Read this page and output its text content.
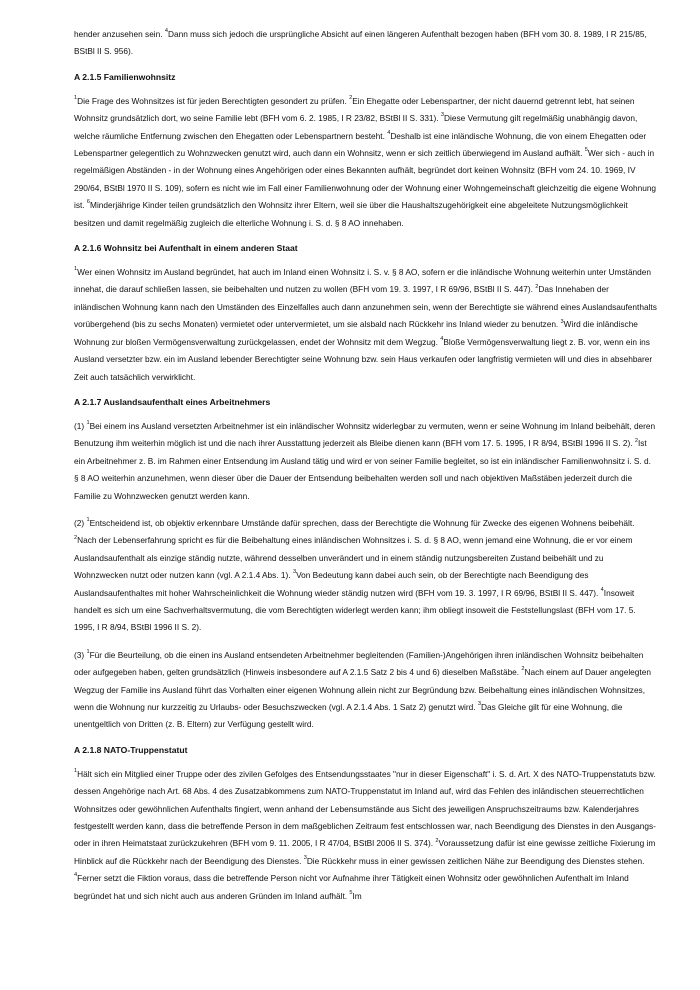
hender anzusehen sein. $^4$Dann muss sich jedoch die ursprüngliche Absicht auf einen längeren Aufenthalt bezogen haben (BFH vom 30. 8. 1989, I R 215/85, BStBl II S. 956).

A 2.1.5 Familienwohnsitz

$^1$Die Frage des Wohnsitzes ist für jeden Berechtigten gesondert zu prüfen. $^2$Ein Ehegatte oder Lebenspartner, der nicht dauernd getrennt lebt, hat seinen Wohnsitz grundsätzlich dort, wo seine Familie lebt (BFH vom 6. 2. 1985, I R 23/82, BStBl II S. 331). $^3$Diese Vermutung gilt regelmäßig unabhängig davon, welche räumliche Entfernung zwischen den Ehegatten oder Lebenspartnern besteht. $^4$Deshalb ist eine inländische Wohnung, die von einem Ehegatten oder Lebenspartner gelegentlich zu Wohnzwecken genutzt wird, auch dann ein Wohnsitz, wenn er sich zeitlich überwiegend im Ausland aufhält. $^5$Wer sich - auch in regelmäßigen Abständen - in der Wohnung eines Angehörigen oder eines Bekannten aufhält, begründet dort keinen Wohnsitz (BFH vom 24. 10. 1969, IV 290/64, BStBl 1970 II S. 109), sofern es nicht wie im Fall einer Familienwohnung oder der Wohnung einer Wohngemeinschaft gleichzeitig die eigene Wohnung ist. $^6$Minderjährige Kinder teilen grundsätzlich den Wohnsitz ihrer Eltern, weil sie über die Haushaltszugehörigkeit eine abgeleitete Nutzungsmöglichkeit besitzen und damit regelmäßig zugleich die elterliche Wohnung i. S. d. § 8 AO innehaben.

A 2.1.6 Wohnsitz bei Aufenthalt in einem anderen Staat

$^1$Wer einen Wohnsitz im Ausland begründet, hat auch im Inland einen Wohnsitz i. S. v. § 8 AO, sofern er die inländische Wohnung weiterhin unter Umständen innehat, die darauf schließen lassen, sie beibehalten und nutzen zu wollen (BFH vom 19. 3. 1997, I R 69/96, BStBl II S. 447). $^2$Das Innehaben der inländischen Wohnung kann nach den Umständen des Einzelfalles auch dann anzunehmen sein, wenn der Berechtigte sie während eines Auslandsaufenthalts vorübergehend (bis zu sechs Monaten) vermietet oder untervermietet, um sie alsbald nach Rückkehr ins Inland wieder zu benutzen. $^3$Wird die inländische Wohnung zur bloßen Vermögensverwaltung zurückgelassen, endet der Wohnsitz mit dem Wegzug. $^4$Bloße Vermögensverwaltung liegt z. B. vor, wenn ein ins Ausland versetzter bzw. ein im Ausland lebender Berechtigter seine Wohnung bzw. sein Haus verkaufen oder langfristig vermieten will und dies in absehbarer Zeit auch tatsächlich verwirklicht.

A 2.1.7 Auslandsaufenthalt eines Arbeitnehmers

(1) $^1$Bei einem ins Ausland versetzten Arbeitnehmer ist ein inländischer Wohnsitz widerlegbar zu vermuten, wenn er seine Wohnung im Inland beibehält, deren Benutzung ihm weiterhin möglich ist und die nach ihrer Ausstattung jederzeit als Bleibe dienen kann (BFH vom 17. 5. 1995, I R 8/94, BStBl 1996 II S. 2). $^2$Ist ein Arbeitnehmer z. B. im Rahmen einer Entsendung im Ausland tätig und wird er von seiner Familie begleitet, so ist ein inländischer Familienwohnsitz i. S. d. § 8 AO weiterhin anzunehmen, wenn dieser über die Dauer der Entsendung beibehalten werden soll und nach objektiven Maßstäben jederzeit durch die Familie zu Wohnzwecken genutzt werden kann.

(2) $^1$Entscheidend ist, ob objektiv erkennbare Umstände dafür sprechen, dass der Berechtigte die Wohnung für Zwecke des eigenen Wohnens beibehält. $^2$Nach der Lebenserfahrung spricht es für die Beibehaltung eines inländischen Wohnsitzes i. S. d. § 8 AO, wenn jemand eine Wohnung, die er vor einem Auslandsaufenthalt als einzige ständig nutzte, während desselben unverändert und in einem ständig nutzungsbereiten Zustand beibehält und zu Wohnzwecken nutzt oder nutzen kann (vgl. A 2.1.4 Abs. 1). $^3$Von Bedeutung kann dabei auch sein, ob der Berechtigte nach Beendigung des Auslandsaufenthaltes mit hoher Wahrscheinlichkeit die Wohnung wieder ständig nutzen wird (BFH vom 19. 3. 1997, I R 69/96, BStBl II S. 447). $^4$Insoweit handelt es sich um eine Sachverhaltsvermutung, die vom Berechtigten widerlegt werden kann; ihm obliegt insoweit die Feststellungslast (BFH vom 17. 5. 1995, I R 8/94, BStBl 1996 II S. 2).

(3) $^1$Für die Beurteilung, ob die einen ins Ausland entsendeten Arbeitnehmer begleitenden (Familien-)Angehörigen ihren inländischen Wohnsitz beibehalten oder aufgegeben haben, gelten grundsätzlich (Hinweis insbesondere auf A 2.1.5 Satz 2 bis 4 und 6) dieselben Maßstäbe. $^2$Nach einem auf Dauer angelegten Wegzug der Familie ins Ausland führt das Vorhalten einer eigenen Wohnung allein nicht zur Begründung bzw. Beibehaltung eines inländischen Wohnsitzes, wenn die Wohnung nur kurzzeitig zu Urlaubs- oder Besuchszwecken (vgl. A 2.1.4 Abs. 1 Satz 2) genutzt wird. $^3$Das Gleiche gilt für eine Wohnung, die unentgeltlich von Dritten (z. B. Eltern) zur Verfügung gestellt wird.

A 2.1.8 NATO-Truppenstatut

$^1$Hält sich ein Mitglied einer Truppe oder des zivilen Gefolges des Entsendungsstaates "nur in dieser Eigenschaft" i. S. d. Art. X des NATO-Truppenstatuts bzw. dessen Angehörige nach Art. 68 Abs. 4 des Zusatzabkommens zum NATO-Truppenstatut im Inland auf, wird das Fehlen des inländischen steuerrechtlichen Wohnsitzes oder gewöhnlichen Aufenthalts fingiert, wenn anhand der Lebensumstände aus Sicht des jeweiligen Anspruchszeitraums bzw. Kalenderjahres festgestellt werden kann, dass die betreffende Person in dem maßgeblichen Zeitraum fest entschlossen war, nach Beendigung des Dienstes in den Ausgangs- oder in ihren Heimatstaat zurückzukehren (BFH vom 9. 11. 2005, I R 47/04, BStBl 2006 II S. 374). $^2$Voraussetzung dafür ist eine gewisse zeitliche Fixierung im Hinblick auf die Rückkehr nach der Beendigung des Dienstes. $^3$Die Rückkehr muss in einer gewissen zeitlichen Nähe zur Beendigung des Dienstes stehen. $^4$Ferner setzt die Fiktion voraus, dass die betreffende Person nicht vor Aufnahme ihrer Tätigkeit einen Wohnsitz oder gewöhnlichen Aufenthalt im Inland begründet hat und sich nicht auch aus anderen Gründen im Inland aufhält. $^5$Im
